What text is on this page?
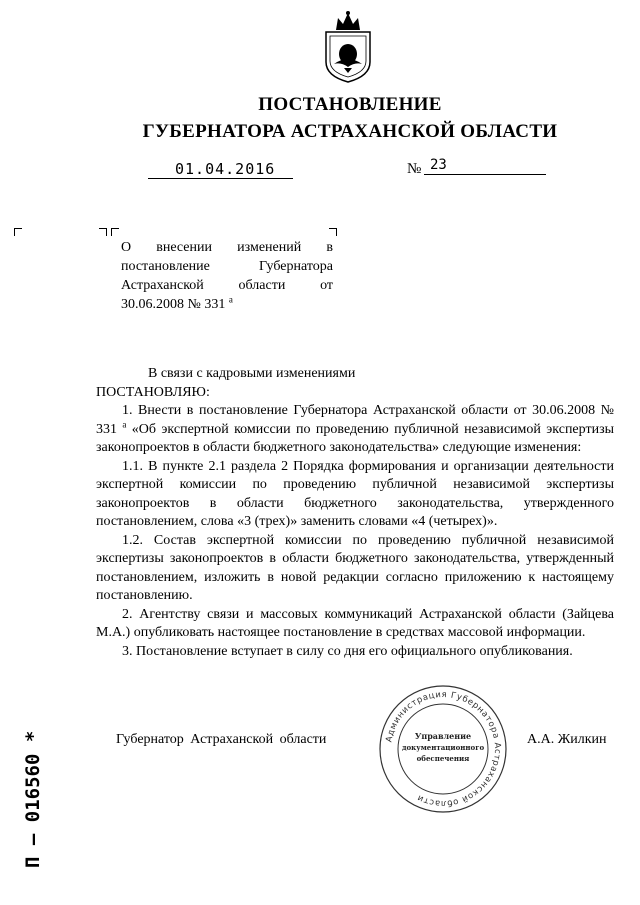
ПОСТАНОВЛЕНИЕ
ГУБЕРНАТОРА АСТРАХАНСКОЙ ОБЛАСТИ
01.04.2016	№ 23
О внесении изменений в постановление Губернатора Астраханской области от 30.06.2008 № 331 $^а$

В связи с кадровыми изменениями

ПОСТАНОВЛЯЮ:

1. Внести в постановление Губернатора Астраханской области от 30.06.2008 № 331 $^а$ «Об экспертной комиссии по проведению публичной независимой экспертизы законопроектов в области бюджетного законодательства» следующие изменения:

1.1. В пункте 2.1 раздела 2 Порядка формирования и организации деятельности экспертной комиссии по проведению публичной независимой экспертизы законопроектов в области бюджетного законодательства, утвержденного постановлением, слова «3 (трех)» заменить словами «4 (четырех)».

1.2. Состав экспертной комиссии по проведению публичной независимой экспертизы законопроектов в области бюджетного законодательства, утвержденный постановлением, изложить в новой редакции согласно приложению к настоящему постановлению.

2. Агентству связи и массовых коммуникаций Астраханской области (Зайцева М.А.) опубликовать настоящее постановление в средствах массовой информации.

3. Постановление вступает в силу со дня его официального опубликования.

Губернатор Астраханской области	А.А. Жилкин
Администрация Губернатора Астраханской области
Управление
документационного
обеспечения
П – 016560 *
